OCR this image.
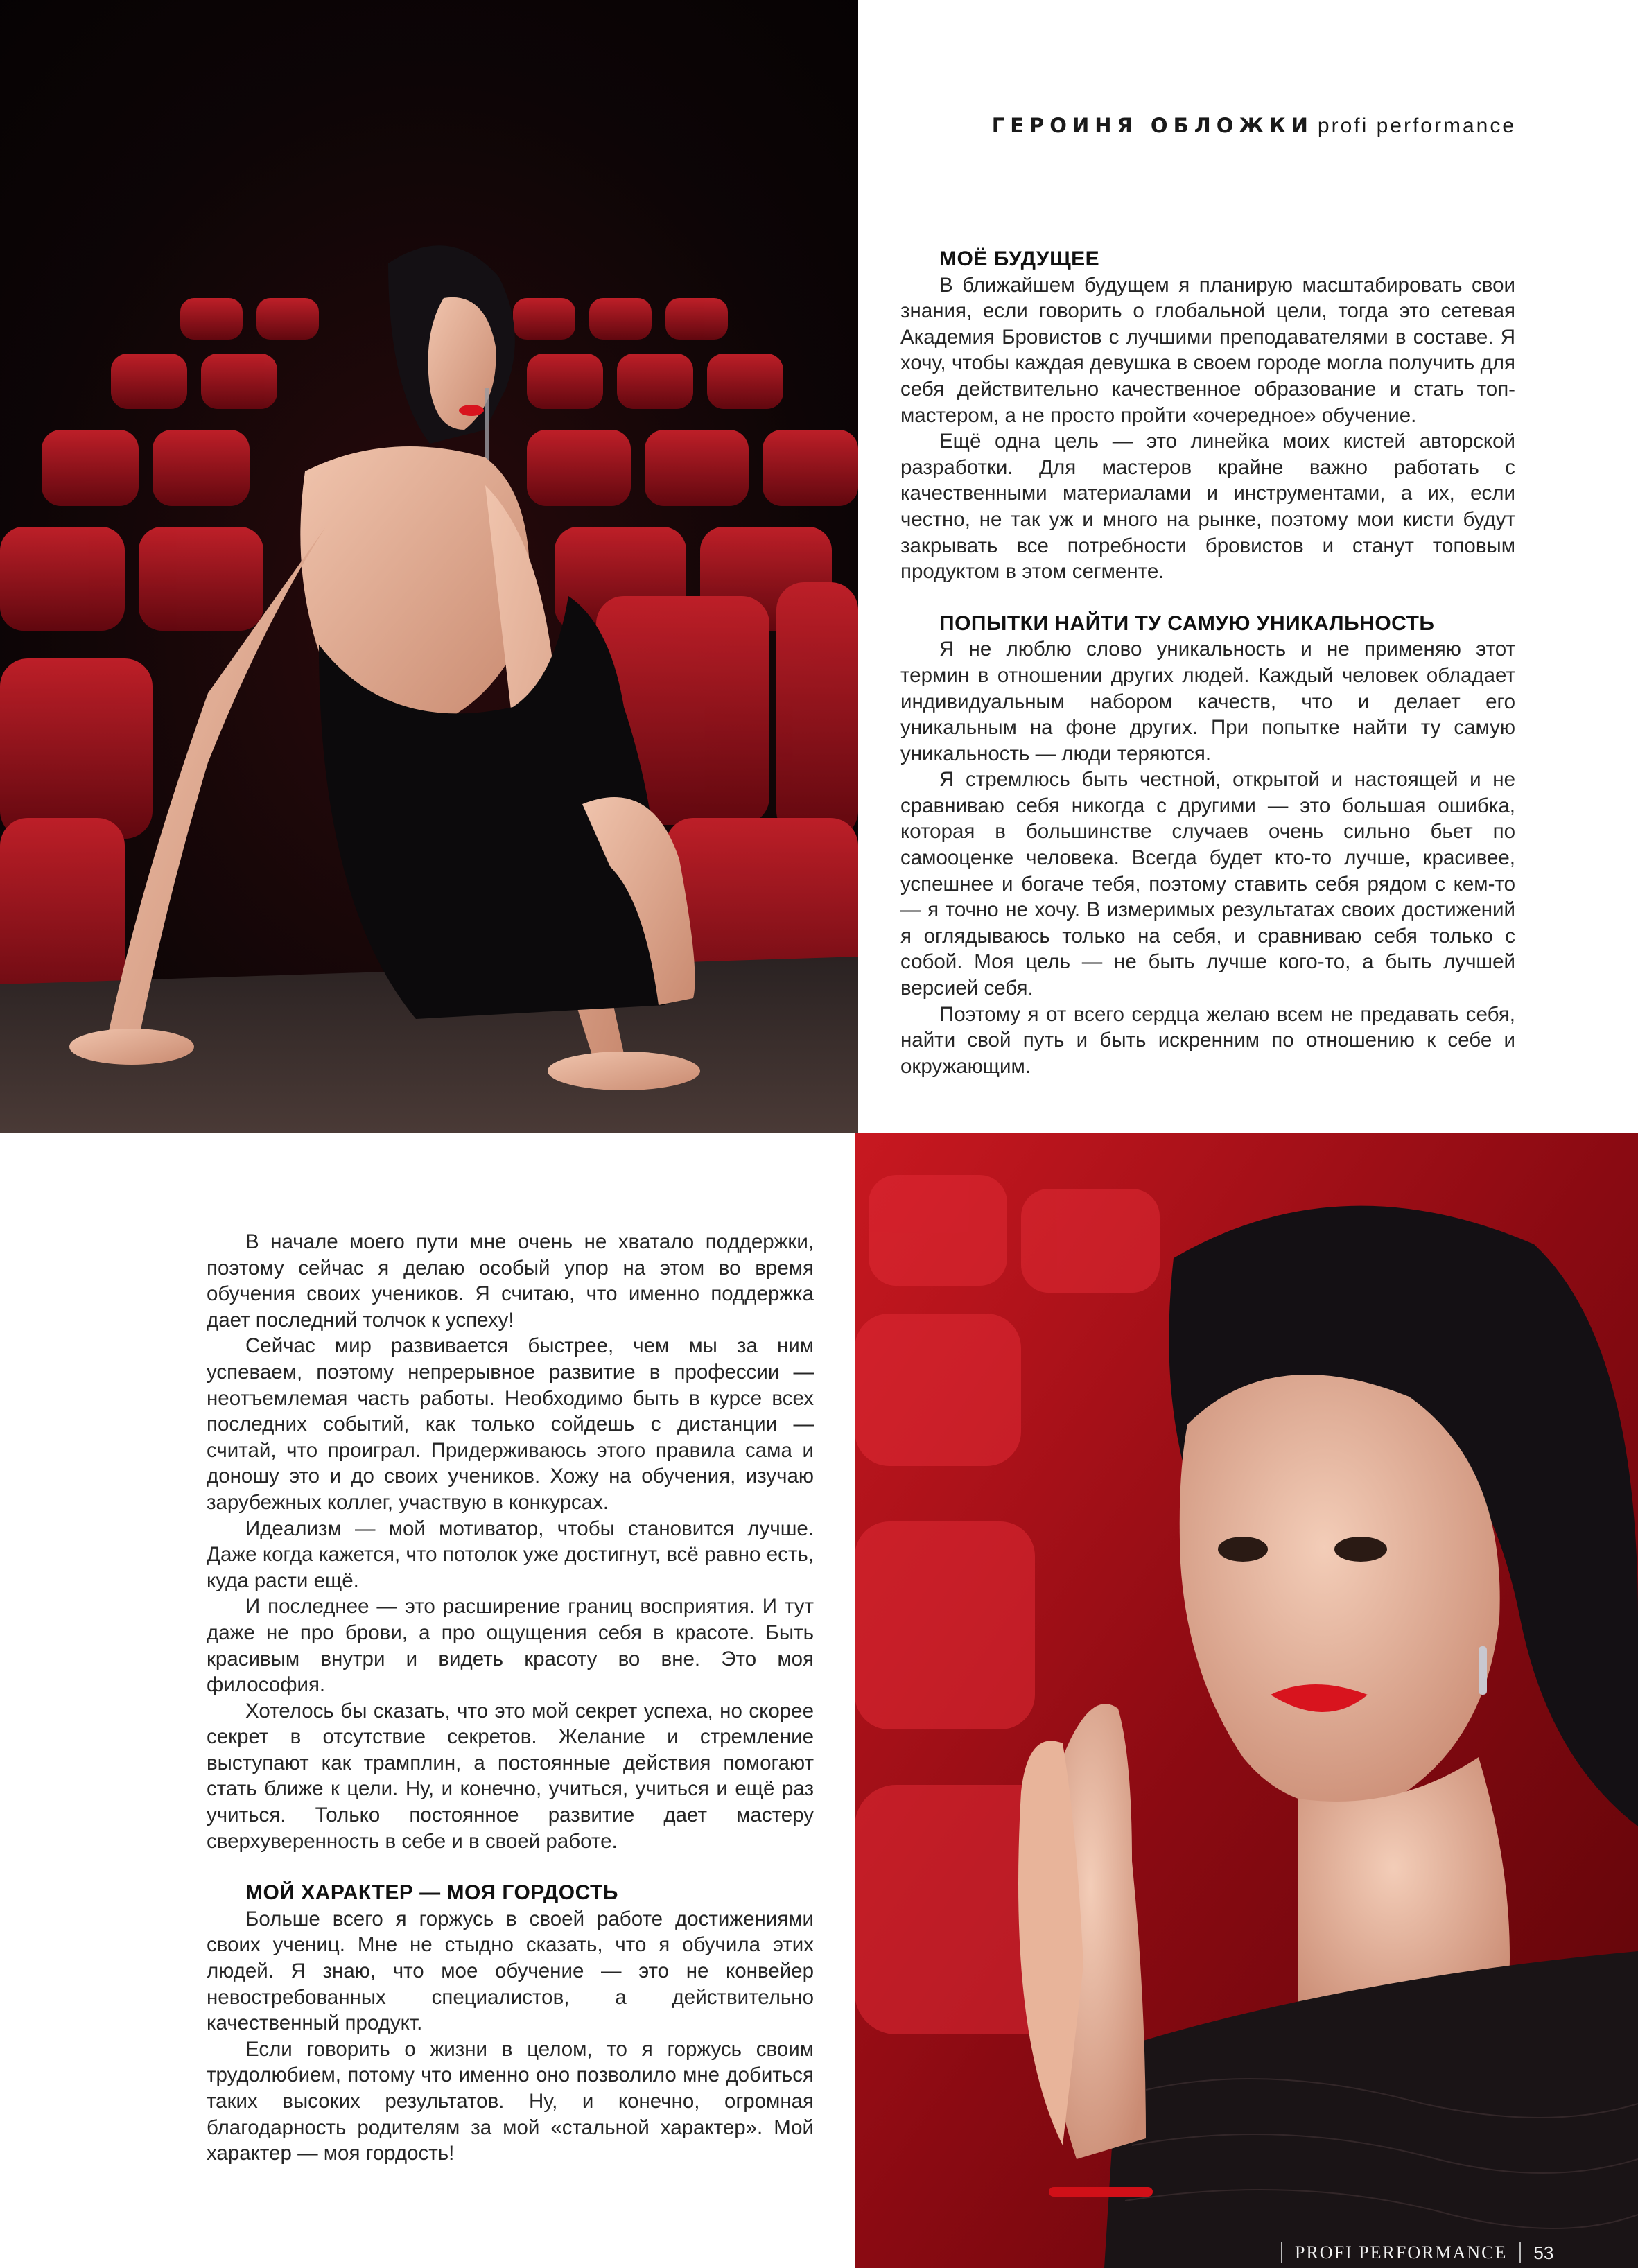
ГЕРОИНЯ ОБЛОЖКИ profi performance
МОЁ БУДУЩЕЕ

В ближайшем будущем я планирую масштабировать свои знания, если говорить о глобальной цели, тогда это сетевая Академия Бровистов с лучшими преподавателями в составе. Я хочу, чтобы каждая девушка в своем городе могла получить для себя действительно качественное образование и стать топ-мастером, а не просто пройти «очередное» обучение.

Ещё одна цель — это линейка моих кистей авторской разработки. Для мастеров крайне важно работать с качественными материалами и инструментами, а их, если честно, не так уж и много на рынке, поэтому мои кисти будут закрывать все потребности бровистов и станут топовым продуктом в этом сегменте.

ПОПЫТКИ НАЙТИ ТУ САМУЮ УНИКАЛЬНОСТЬ

Я не люблю слово уникальность и не применяю этот термин в отношении других людей. Каждый человек обладает индивидуальным набором качеств, что и делает его уникальным на фоне других. При попытке найти ту самую уникальность — люди теряются.

Я стремлюсь быть честной, открытой и настоящей и не сравниваю себя никогда с другими — это большая ошибка, которая в большинстве случаев очень сильно бьет по самооценке человека. Всегда будет кто-то лучше, красивее, успешнее и богаче тебя, поэтому ставить себя рядом с кем-то — я точно не хочу. В измеримых результатах своих достижений я оглядываюсь только на себя, и сравниваю себя только с собой. Моя цель — не быть лучше кого-то, а быть лучшей версией себя.

Поэтому я от всего сердца желаю всем не предавать себя, найти свой путь и быть искренним по отношению к себе и окружающим.

В начале моего пути мне очень не хватало поддержки, поэтому сейчас я делаю особый упор на этом во время обучения своих учеников. Я считаю, что именно поддержка дает последний толчок к успеху!

Сейчас мир развивается быстрее, чем мы за ним успеваем, поэтому непрерывное развитие в профессии — неотъемлемая часть работы. Необходимо быть в курсе всех последних событий, как только сойдешь с дистанции — считай, что проиграл. Придерживаюсь этого правила сама и доношу это и до своих учеников. Хожу на обучения, изучаю зарубежных коллег, участвую в конкурсах.

Идеализм — мой мотиватор, чтобы становится лучше. Даже когда кажется, что потолок уже достигнут, всё равно есть, куда расти ещё.

И последнее — это расширение границ восприятия. И тут даже не про брови, а про ощущения себя в красоте. Быть красивым внутри и видеть красоту во вне. Это моя философия.

Хотелось бы сказать, что это мой секрет успеха, но скорее секрет в отсутствие секретов. Желание и стремление выступают как трамплин, а постоянные действия помогают стать ближе к цели. Ну, и конечно, учиться, учиться и ещё раз учиться. Только постоянное развитие дает мастеру сверхуверенность в себе и в своей работе.

МОЙ ХАРАКТЕР — МОЯ ГОРДОСТЬ

Больше всего я горжусь в своей работе достижениями своих учениц. Мне не стыдно сказать, что я обучила этих людей. Я знаю, что мое обучение — это не конвейер невостребованных специалистов, а действительно качественный продукт.

Если говорить о жизни в целом, то я горжусь своим трудолюбием, потому что именно оно позволило мне добиться таких высоких результатов. Ну, и конечно, огромная благодарность родителям за мой «стальной характер». Мой характер — моя гордость!

PROFI PERFORMANCE 53
